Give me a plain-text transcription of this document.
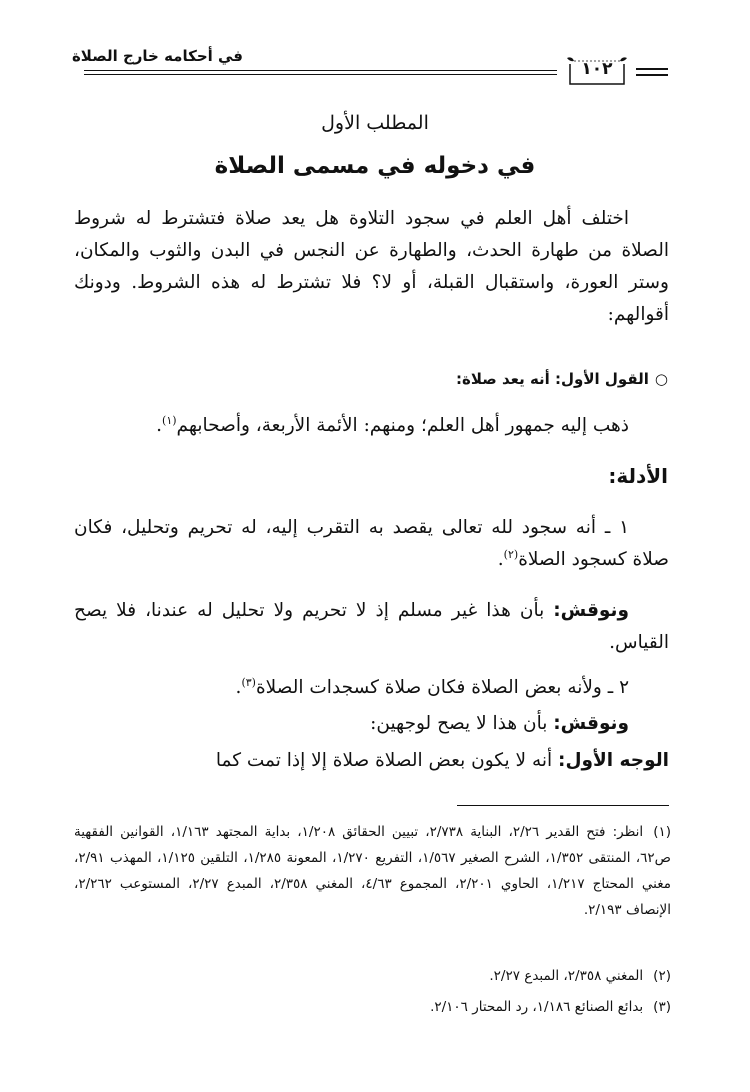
في أحكامه خارج الصلاة
١٠٢
المطلب الأول
في دخوله في مسمى الصلاة
اختلف أهل العلم في سجود التلاوة هل يعد صلاة فتشترط له شروط الصلاة من طهارة الحدث، والطهارة عن النجس في البدن والثوب والمكان، وستر العورة، واستقبال القبلة، أو لا؟ فلا تشترط له هذه الشروط. ودونك أقوالهم:
○القول الأول: أنه يعد صلاة:
ذهب إليه جمهور أهل العلم؛ ومنهم: الأئمة الأربعة، وأصحابهم$^{(١)}$.
الأدلة:
١ ـ أنه سجود لله تعالى يقصد به التقرب إليه، له تحريم وتحليل، فكان صلاة كسجود الصلاة$^{(٢)}$.
ونوقش: بأن هذا غير مسلم إذ لا تحريم ولا تحليل له عندنا، فلا يصح القياس.
٢ ـ ولأنه بعض الصلاة فكان صلاة كسجدات الصلاة$^{(٣)}$.
ونوقش: بأن هذا لا يصح لوجهين:
الوجه الأول: أنه لا يكون بعض الصلاة صلاة إلا إذا تمت كما
(١)انظر: فتح القدير ٢/٢٦، البناية ٢/٧٣٨، تبيين الحقائق ١/٢٠٨، بداية المجتهد ١/١٦٣، القوانين الفقهية ص٦٢، المنتقى ١/٣٥٢، الشرح الصغير ١/٥٦٧، التفريع ١/٢٧٠، المعونة ١/٢٨٥، التلقين ١/١٢٥، المهذب ٢/٩١، مغني المحتاج ١/٢١٧، الحاوي ٢/٢٠١، المجموع ٤/٦٣، المغني ٢/٣٥٨، المبدع ٢/٢٧، المستوعب ٢/٢٦٢، الإنصاف ٢/١٩٣.
(٢)المغني ٢/٣٥٨، المبدع ٢/٢٧.
(٣)بدائع الصنائع ١/١٨٦، رد المحتار ٢/١٠٦.
